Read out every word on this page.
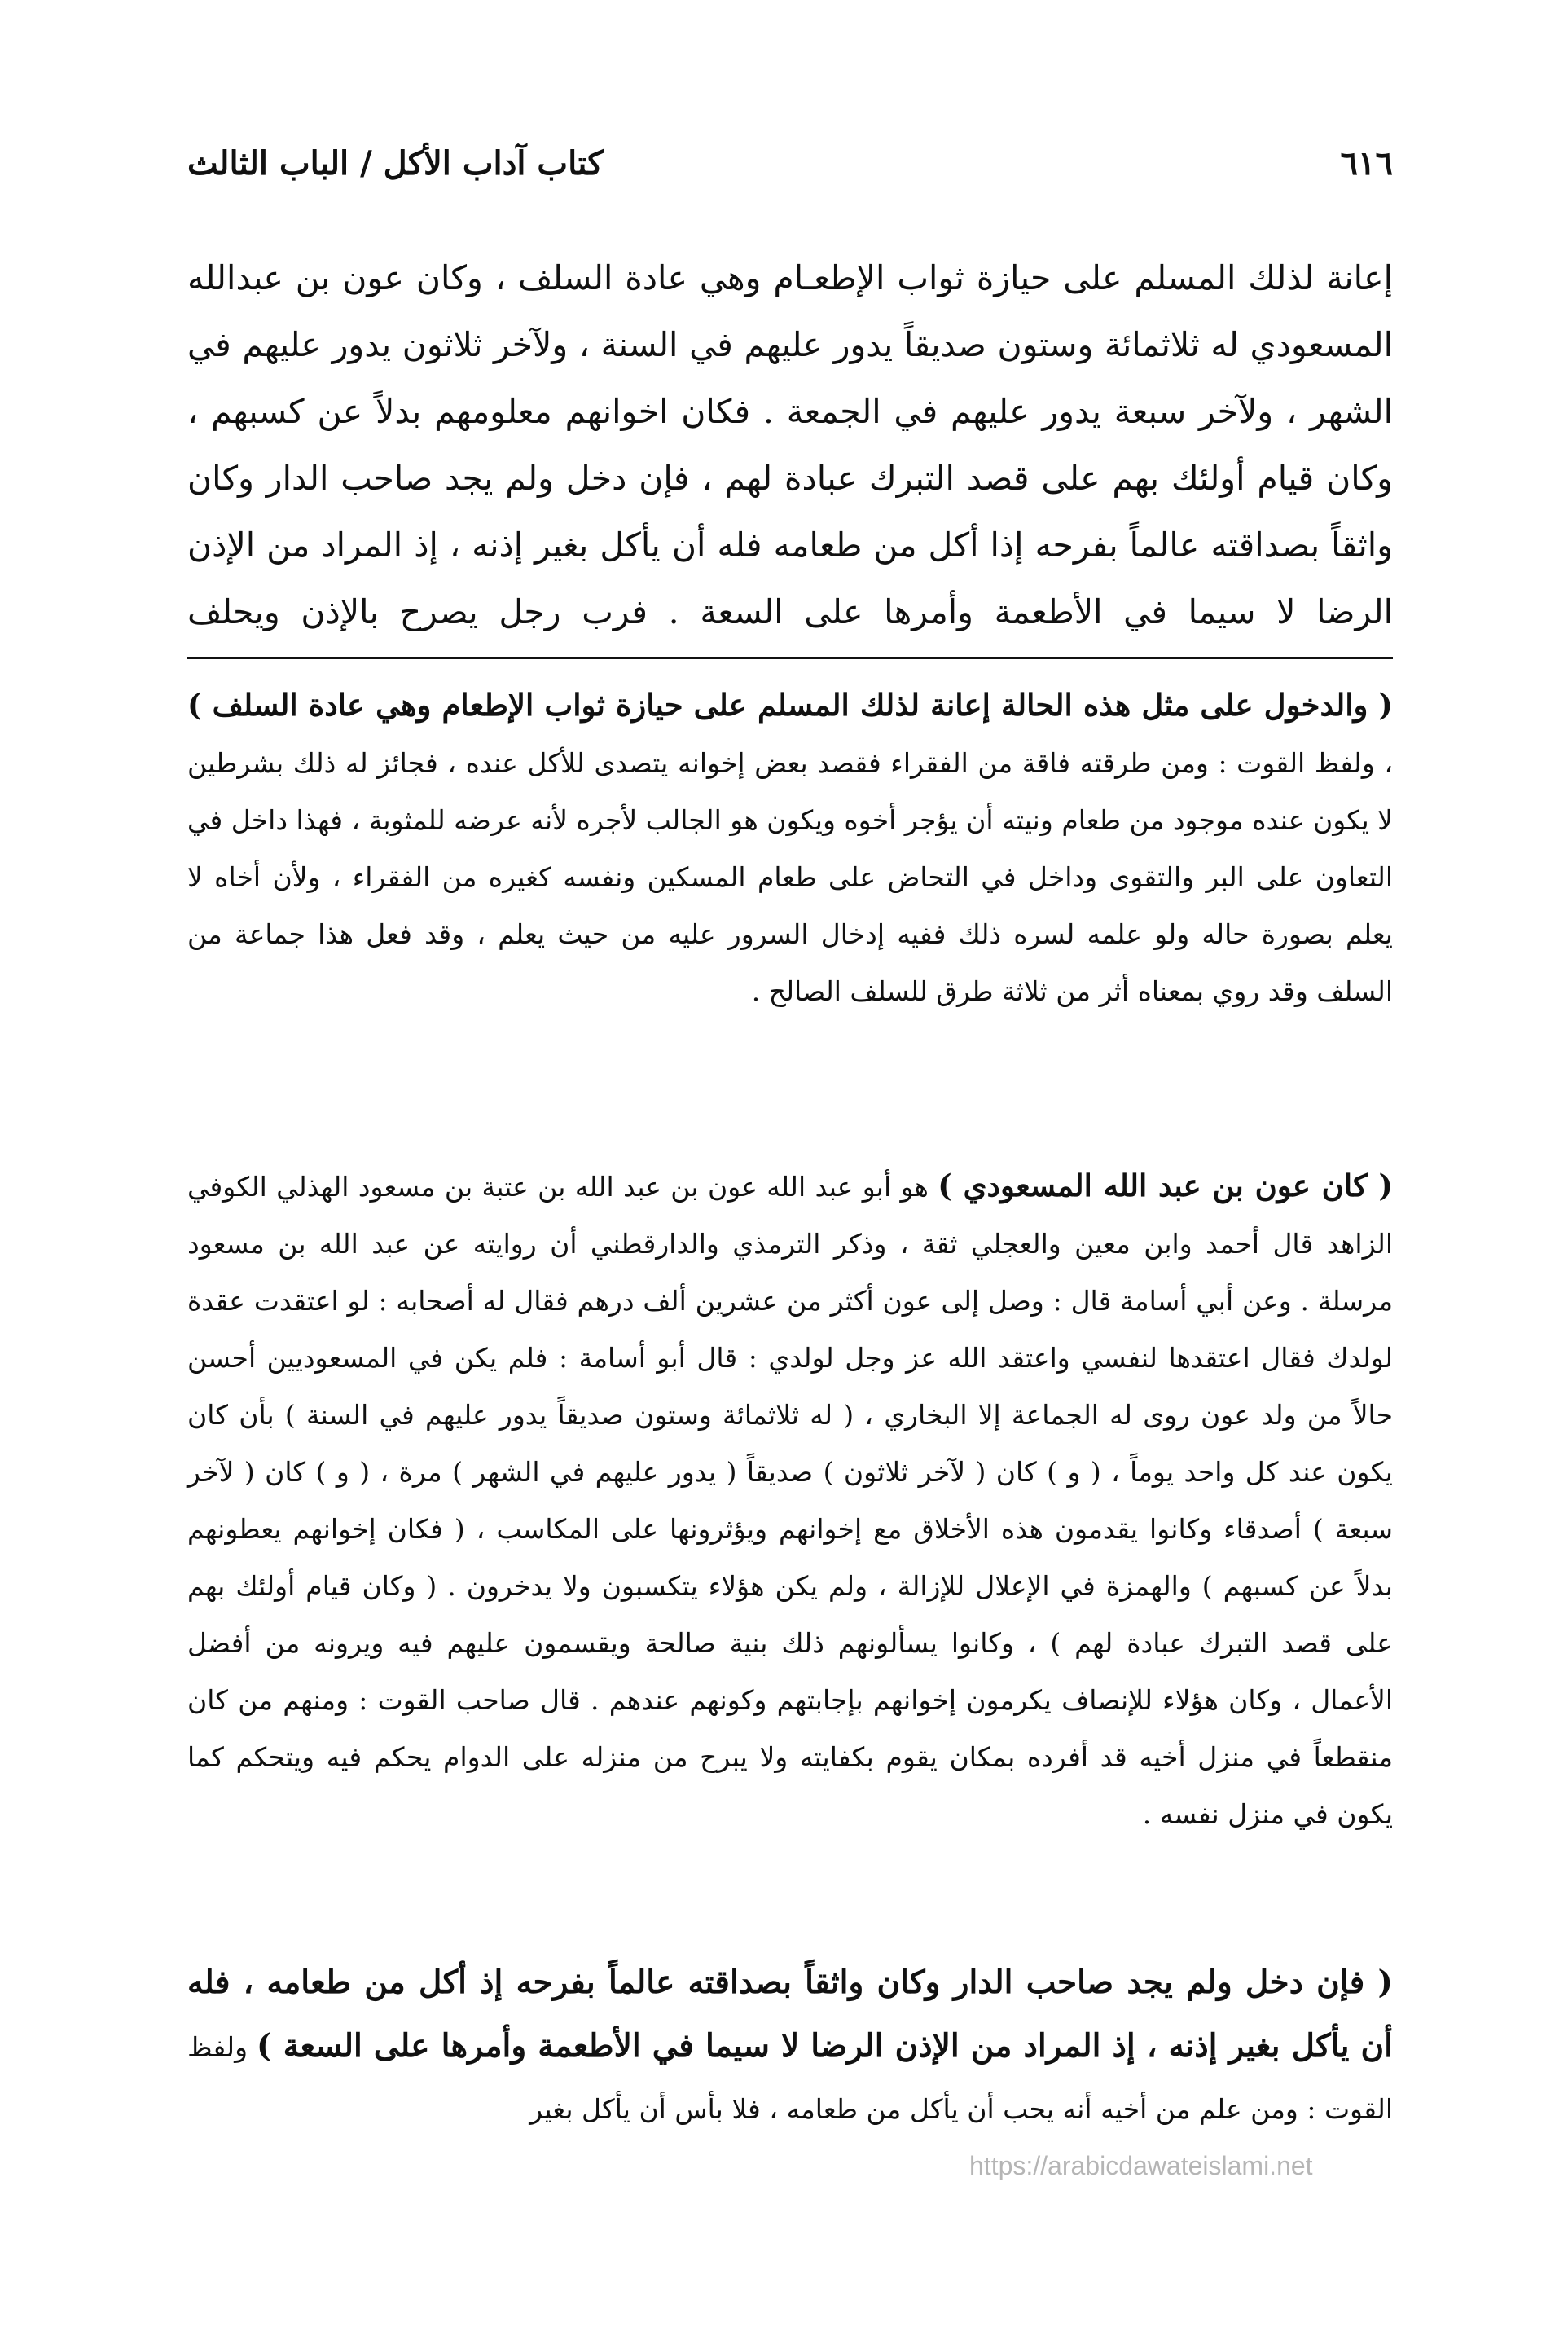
٦١٦
كتاب آداب الأكل / الباب الثالث

إعانة لذلك المسلم على حيازة ثواب الإطعـام وهي عادة السلف ، وكان عون بن عبدالله المسعودي له ثلاثمائة وستون صديقاً يدور عليهم في السنة ، ولآخر ثلاثون يدور عليهم في الشهر ، ولآخر سبعة يدور عليهم في الجمعة . فكان اخوانهم معلومهم بدلاً عن كسبهم ، وكان قيام أولئك بهم على قصد التبرك عبادة لهم ، فإن دخل ولم يجد صاحب الدار وكان واثقاً بصداقته عالماً بفرحه إذا أكل من طعامه فله أن يأكل بغير إذنه ، إذ المراد من الإذن الرضا لا سيما في الأطعمة وأمرها على السعة . فرب رجل يصرح بالإذن ويحلف

( والدخول على مثل هذه الحالة إعانة لذلك المسلم على حيازة ثواب الإطعام وهي عادة السلف ) ، ولفظ القوت : ومن طرقته فاقة من الفقراء فقصد بعض إخوانه يتصدى للأكل عنده ، فجائز له ذلك بشرطين لا يكون عنده موجود من طعام ونيته أن يؤجر أخوه ويكون هو الجالب لأجره لأنه عرضه للمثوبة ، فهذا داخل في التعاون على البر والتقوى وداخل في التحاض على طعام المسكين ونفسه كغيره من الفقراء ، ولأن أخاه لا يعلم بصورة حاله ولو علمه لسره ذلك ففيه إدخال السرور عليه من حيث يعلم ، وقد فعل هذا جماعة من السلف وقد روي بمعناه أثر من ثلاثة طرق للسلف الصالح .

( كان عون بن عبد الله المسعودي ) هو أبو عبد الله عون بن عبد الله بن عتبة بن مسعود الهذلي الكوفي الزاهد قال أحمد وابن معين والعجلي ثقة ، وذكر الترمذي والدارقطني أن روايته عن عبد الله بن مسعود مرسلة . وعن أبي أسامة قال : وصل إلى عون أكثر من عشرين ألف درهم فقال له أصحابه : لو اعتقدت عقدة لولدك فقال اعتقدها لنفسي واعتقد الله عز وجل لولدي : قال أبو أسامة : فلم يكن في المسعوديين أحسن حالاً من ولد عون روى له الجماعة إلا البخاري ، ( له ثلاثمائة وستون صديقاً يدور عليهم في السنة ) بأن كان يكون عند كل واحد يوماً ، ( و ) كان ( لآخر ثلاثون ) صديقاً ( يدور عليهم في الشهر ) مرة ، ( و ) كان ( لآخر سبعة ) أصدقاء وكانوا يقدمون هذه الأخلاق مع إخوانهم ويؤثرونها على المكاسب ، ( فكان إخوانهم يعطونهم بدلاً عن كسبهم ) والهمزة في الإعلال للإزالة ، ولم يكن هؤلاء يتكسبون ولا يدخرون . ( وكان قيام أولئك بهم على قصد التبرك عبادة لهم ) ، وكانوا يسألونهم ذلك بنية صالحة ويقسمون عليهم فيه ويرونه من أفضل الأعمال ، وكان هؤلاء للإنصاف يكرمون إخوانهم بإجابتهم وكونهم عندهم . قال صاحب القوت : ومنهم من كان منقطعاً في منزل أخيه قد أفرده بمكان يقوم بكفايته ولا يبرح من منزله على الدوام يحكم فيه ويتحكم كما يكون في منزل نفسه .

( فإن دخل ولم يجد صاحب الدار وكان واثقاً بصداقته عالماً بفرحه إذ أكل من طعامه ، فله أن يأكل بغير إذنه ، إذ المراد من الإذن الرضا لا سيما في الأطعمة وأمرها على السعة ) ولفظ القوت : ومن علم من أخيه أنه يحب أن يأكل من طعامه ، فلا بأس أن يأكل بغير

https://arabicdawateislami.net
